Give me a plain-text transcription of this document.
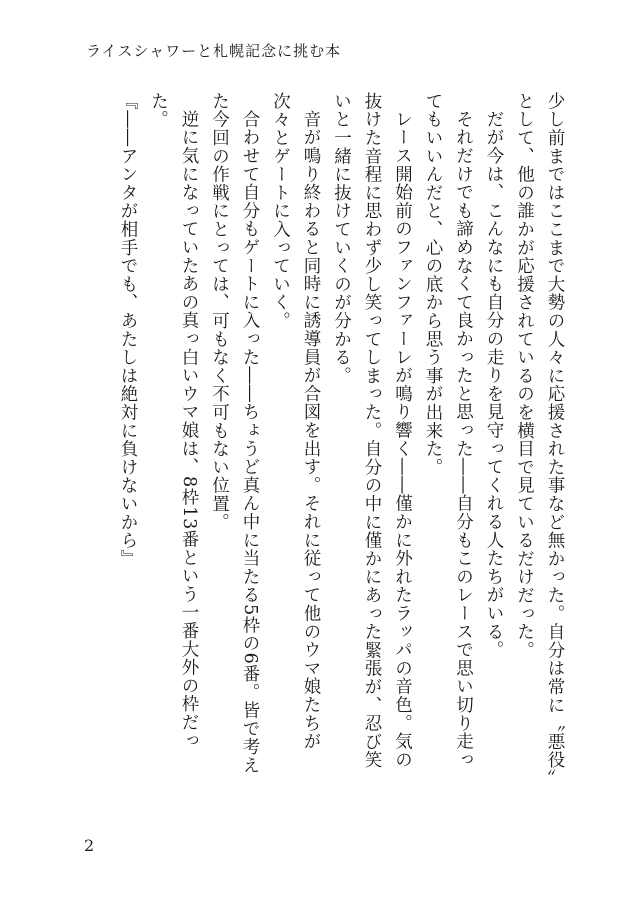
ライスシャワーと札幌記念に挑む本

少し前まではここまで大勢の人々に応援された事など無かった。自分は常に〝悪役〟として、他の誰かが応援されているのを横目で見ているだけだった。

だが今は、こんなにも自分の走りを見守ってくれる人たちがいる。

それだけでも諦めなくて良かったと思った――自分もこのレースで思い切り走ってもいいんだと、心の底から思う事が出来た。

レース開始前のファンファーレが鳴り響く――僅かに外れたラッパの音色。気の抜けた音程に思わず少し笑ってしまった。自分の中に僅かにあった緊張が、忍び笑いと一緒に抜けていくのが分かる。

音が鳴り終わると同時に誘導員が合図を出す。それに従って他のウマ娘たちが次々とゲートに入っていく。

合わせて自分もゲートに入った――ちょうど真ん中に当たる5枠の6番。皆で考えた今回の作戦にとっては、可もなく不可もない位置。

逆に気になっていたあの真っ白いウマ娘は、8枠13番という一番大外の枠だった。

『――アンタが相手でも、あたしは絶対に負けないから』

2
